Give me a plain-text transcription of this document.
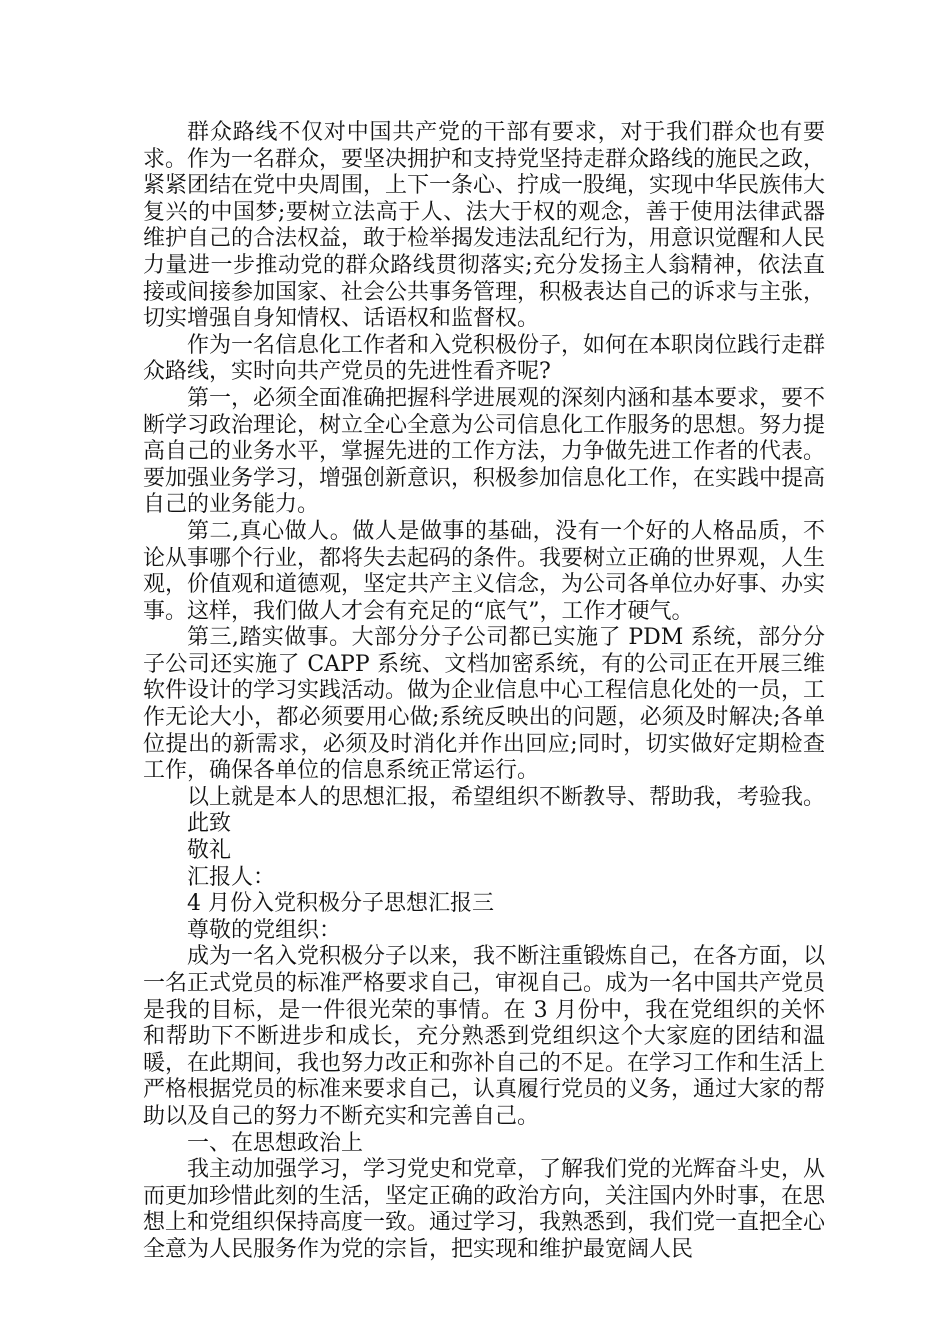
群众路线不仅对中国共产党的干部有要求，对于我们群众也有要求。作为一名群众，要坚决拥护和支持党坚持走群众路线的施民之政，紧紧团结在党中央周围，上下一条心、拧成一股绳，实现中华民族伟大复兴的中国梦;要树立法高于人、法大于权的观念，善于使用法律武器维护自己的合法权益，敢于检举揭发违法乱纪行为，用意识觉醒和人民力量进一步推动党的群众路线贯彻落实;充分发扬主人翁精神，依法直接或间接参加国家、社会公共事务管理，积极表达自己的诉求与主张，切实增强自身知情权、话语权和监督权。

作为一名信息化工作者和入党积极份子，如何在本职岗位践行走群众路线，实时向共产党员的先进性看齐呢?

第一，必须全面准确把握科学进展观的深刻内涵和基本要求，要不断学习政治理论，树立全心全意为公司信息化工作服务的思想。努力提高自己的业务水平，掌握先进的工作方法，力争做先进工作者的代表。要加强业务学习，增强创新意识，积极参加信息化工作，在实践中提高自己的业务能力。

第二,真心做人。做人是做事的基础，没有一个好的人格品质，不论从事哪个行业，都将失去起码的条件。我要树立正确的世界观，人生观，价值观和道德观，坚定共产主义信念，为公司各单位办好事、办实事。这样，我们做人才会有充足的“底气”，工作才硬气。

第三,踏实做事。大部分分子公司都已实施了 PDM 系统，部分分子公司还实施了 CAPP 系统、文档加密系统，有的公司正在开展三维软件设计的学习实践活动。做为企业信息中心工程信息化处的一员，工作无论大小，都必须要用心做;系统反映出的问题，必须及时解决;各单位提出的新需求，必须及时消化并作出回应;同时，切实做好定期检查工作，确保各单位的信息系统正常运行。

以上就是本人的思想汇报，希望组织不断教导、帮助我，考验我。

此致

敬礼

汇报人：

4 月份入党积极分子思想汇报三

尊敬的党组织：

成为一名入党积极分子以来，我不断注重锻炼自己，在各方面，以一名正式党员的标准严格要求自己，审视自己。成为一名中国共产党员是我的目标，是一件很光荣的事情。在 3 月份中，我在党组织的关怀和帮助下不断进步和成长，充分熟悉到党组织这个大家庭的团结和温暖，在此期间，我也努力改正和弥补自己的不足。在学习工作和生活上严格根据党员的标准来要求自己，认真履行党员的义务，通过大家的帮助以及自己的努力不断充实和完善自己。

一、在思想政治上

我主动加强学习，学习党史和党章，了解我们党的光辉奋斗史，从而更加珍惜此刻的生活，坚定正确的政治方向，关注国内外时事，在思想上和党组织保持高度一致。通过学习，我熟悉到，我们党一直把全心全意为人民服务作为党的宗旨，把实现和维护最宽阔人民
